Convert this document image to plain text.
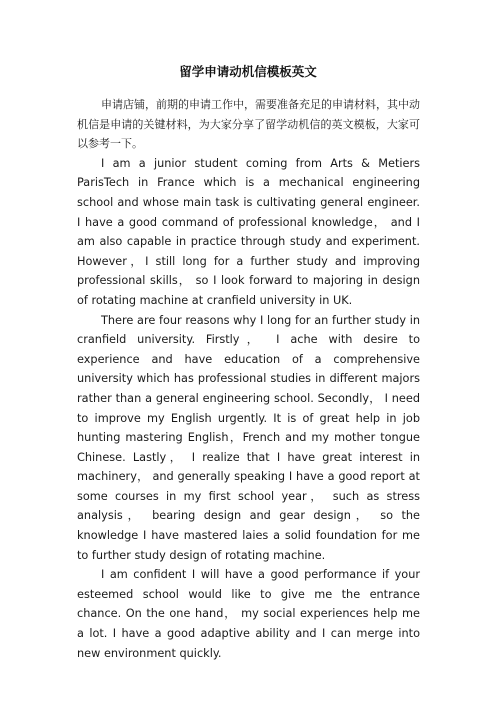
留学申请动机信模板英文

申请店铺，前期的申请工作中，需要准备充足的申请材料，其中动机信是申请的关键材料，为大家分享了留学动机信的英文模板，大家可以参考一下。

I am a junior student coming from Arts & Metiers ParisTech in France which is a mechanical engineering school and whose main task is cultivating general engineer. I have a good command of professional knowledge， and I am also capable in practice through study and experiment. However，I still long for a further study and improving professional skills， so I look forward to majoring in design of rotating machine at cranfield university in UK.

There are four reasons why I long for an further study in cranfield university. Firstly， I ache with desire to experience and have education of a comprehensive university which has professional studies in different majors rather than a general engineering school. Secondly， I need to improve my English urgently. It is of great help in job hunting mastering English，French and my mother tongue Chinese. Lastly， I realize that I have great interest in machinery， and generally speaking I have a good report at some courses in my first school year， such as stress analysis， bearing design and gear design， so the knowledge I have mastered laies a solid foundation for me to further study design of rotating machine.

I am confident I will have a good performance if your esteemed school would like to give me the entrance chance. On the one hand， my social experiences help me a lot. I have a good adaptive ability and I can merge into new environment quickly.
